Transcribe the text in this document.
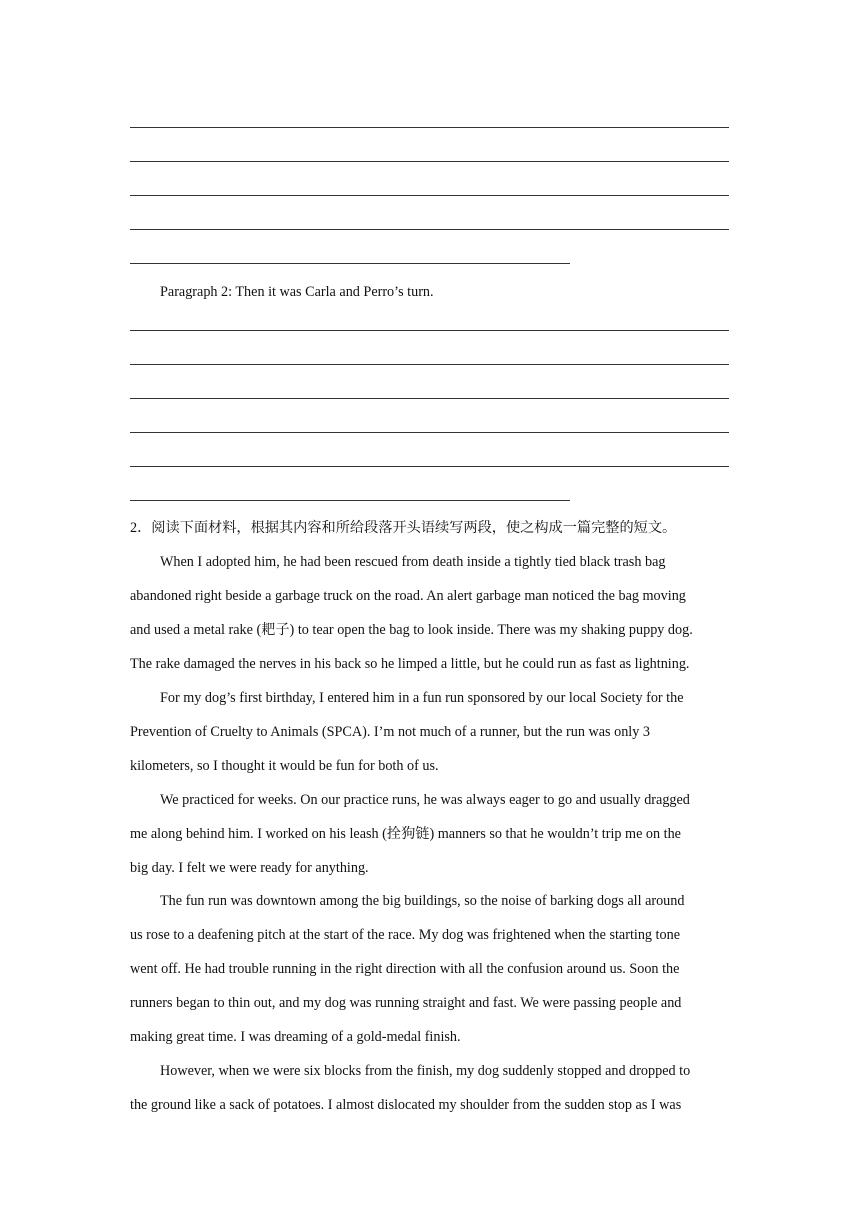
Paragraph 2: Then it was Carla and Perro’s turn.
2．阅读下面材料，根据其内容和所给段落开头语续写两段，使之构成一篇完整的短文。
When I adopted him, he had been rescued from death inside a tightly tied black trash bag
abandoned right beside a garbage truck on the road. An alert garbage man noticed the bag moving
and used a metal rake (耙子) to tear open the bag to look inside. There was my shaking puppy dog.
The rake damaged the nerves in his back so he limped a little, but he could run as fast as lightning.
For my dog’s first birthday, I entered him in a fun run sponsored by our local Society for the
Prevention of Cruelty to Animals (SPCA). I’m not much of a runner, but the run was only 3
kilometers, so I thought it would be fun for both of us.
We practiced for weeks. On our practice runs, he was always eager to go and usually dragged
me along behind him. I worked on his leash (拴狗链) manners so that he wouldn’t trip me on the
big day. I felt we were ready for anything.
The fun run was downtown among the big buildings, so the noise of barking dogs all around
us rose to a deafening pitch at the start of the race. My dog was frightened when the starting tone
went off. He had trouble running in the right direction with all the confusion around us. Soon the
runners began to thin out, and my dog was running straight and fast. We were passing people and
making great time. I was dreaming of a gold-medal finish.
However, when we were six blocks from the finish, my dog suddenly stopped and dropped to
the ground like a sack of potatoes. I almost dislocated my shoulder from the sudden stop as I was
